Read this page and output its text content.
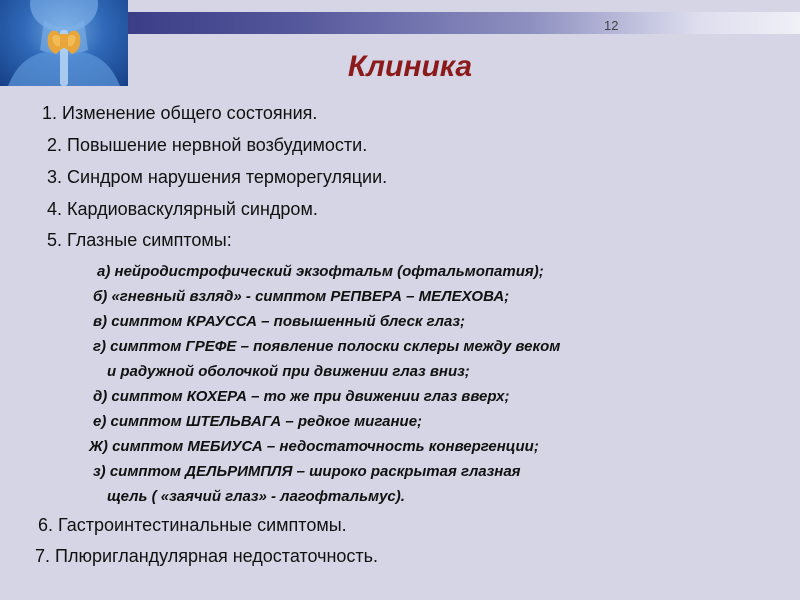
12
Клиника
1. Изменение общего состояния.
2. Повышение нервной возбудимости.
3. Синдром нарушения терморегуляции.
4. Кардиоваскулярный синдром.
5. Глазные симптомы:
а) нейродистрофический экзофтальм (офтальмопатия);
б) «гневный взляд» - симптом РЕПВЕРА – МЕЛЕХОВА;
в) симптом КРАУССА – повышенный блеск глаз;
г) симптом ГРЕФЕ – появление полоски склеры между веком
и радужной оболочкой при движении глаз вниз;
д) симптом КОХЕРА – то же при движении глаз вверх;
е) симптом ШТЕЛЬВАГА – редкое мигание;
Ж) симптом МЕБИУСА – недостаточность конвергенции;
з) симптом ДЕЛЬРИМПЛЯ – широко раскрытая глазная
щель ( «заячий глаз» - лагофтальмус).
6. Гастроинтестинальные симптомы.
7. Плюригландулярная недостаточность.
